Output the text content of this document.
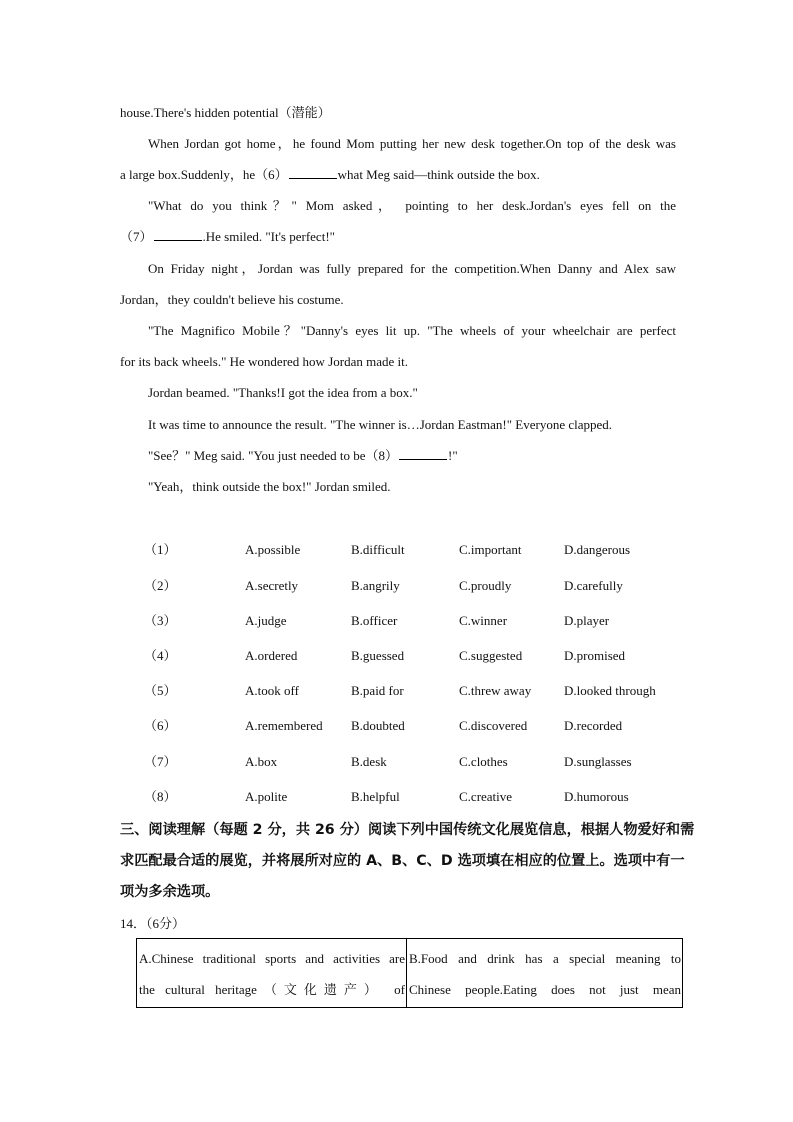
house.There's hidden potential（潜能）
When Jordan got home，he found Mom putting her new desk together.On top of the desk was
a large box.Suddenly，he（6）	what Meg said—think outside the box.
"What do you think？" Mom asked， pointing to her desk.Jordan's eyes fell on the
（7）	.He smiled. "It's perfect!"
On Friday night，Jordan was fully prepared for the competition.When Danny and Alex saw
Jordan，they couldn't believe his costume.
"The Magnifico Mobile？"Danny's eyes lit up. "The wheels of your wheelchair are perfect
for its back wheels." He wondered how Jordan made it.
Jordan beamed. "Thanks!I got the idea from a box."
It was time to announce the result. "The winner is…Jordan Eastman!" Everyone clapped.
"See？" Meg said. "You just needed to be（8）	!"
"Yeah，think outside the box!" Jordan smiled.
（1）	A.possible	B.difficult	C.important	D.dangerous
（2）	A.secretly	B.angrily	C.proudly	D.carefully
（3）	A.judge	B.officer	C.winner	D.player
（4）	A.ordered	B.guessed	C.suggested	D.promised
（5）	A.took off	B.paid for	C.threw away	D.looked through
（6）	A.remembered B.doubted	C.discovered	D.recorded
（7）	A.box	B.desk	C.clothes	D.sunglasses
（8）	A.polite	B.helpful	C.creative	D.humorous
三、阅读理解（每题 2 分，共 26 分）阅读下列中国传统文化展览信息，根据人物爱好和需
求匹配最合适的展览，并将展所对应的 A、B、C、D 选项填在相应的位置上。选项中有一
项为多余选项。
14．（6分）
A.Chinese traditional sports and activities are
the cultural heritage（文化遗产） of

B.Food and drink has a special meaning to
Chinese people.Eating does not just mean
